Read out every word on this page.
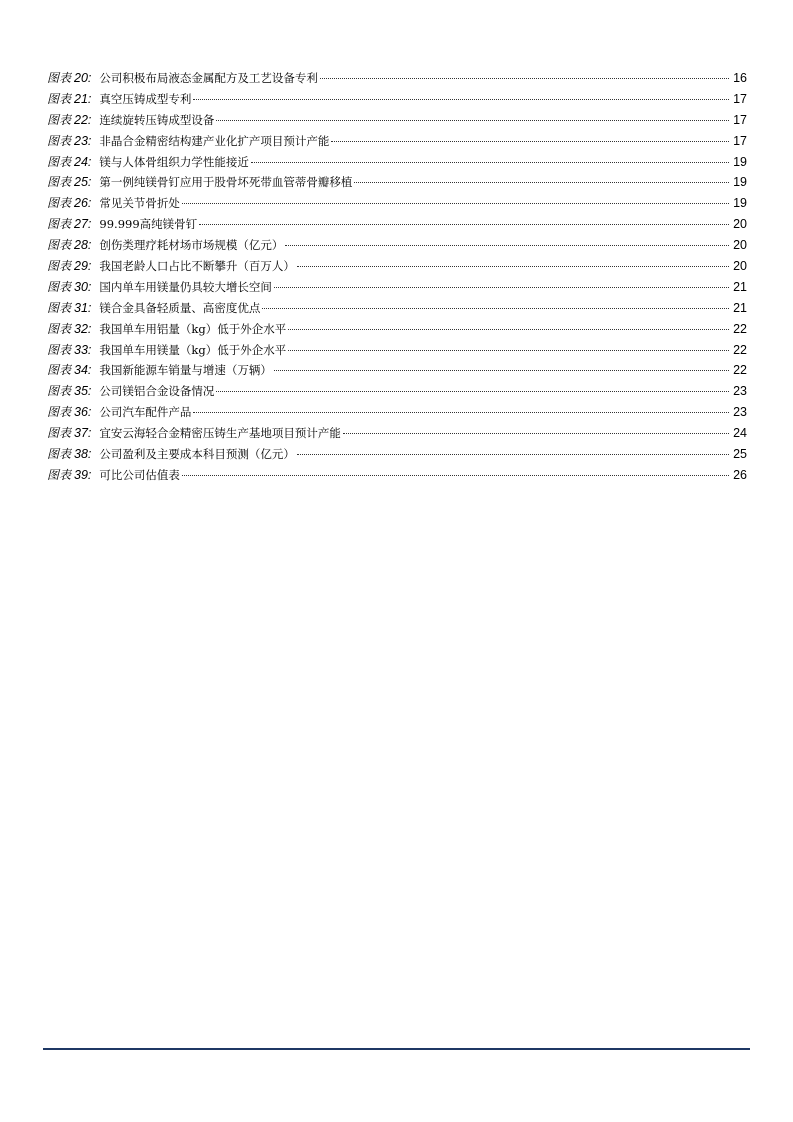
图表 20: 公司积极布局液态金属配方及工艺设备专利	16
图表 21: 真空压铸成型专利	17
图表 22: 连续旋转压铸成型设备	17
图表 23: 非晶合金精密结构建产业化扩产项目预计产能	17
图表 24: 镁与人体骨组织力学性能接近	19
图表 25: 第一例纯镁骨钉应用于股骨坏死带血管蒂骨瓣移植	19
图表 26: 常见关节骨折处	19
图表 27: 99.999高纯镁骨钉	20
图表 28: 创伤类理疗耗材场市场规模（亿元）	20
图表 29: 我国老龄人口占比不断攀升（百万人）	20
图表 30: 国内单车用镁量仍具较大增长空间	21
图表 31: 镁合金具备轻质量、高密度优点	21
图表 32: 我国单车用铝量（kg）低于外企水平	22
图表 33: 我国单车用镁量（kg）低于外企水平	22
图表 34: 我国新能源车销量与增速（万辆）	22
图表 35: 公司镁铝合金设备情况	23
图表 36: 公司汽车配件产品	23
图表 37: 宜安云海轻合金精密压铸生产基地项目预计产能	24
图表 38: 公司盈利及主要成本科目预测（亿元）	25
图表 39: 可比公司估值表	26
